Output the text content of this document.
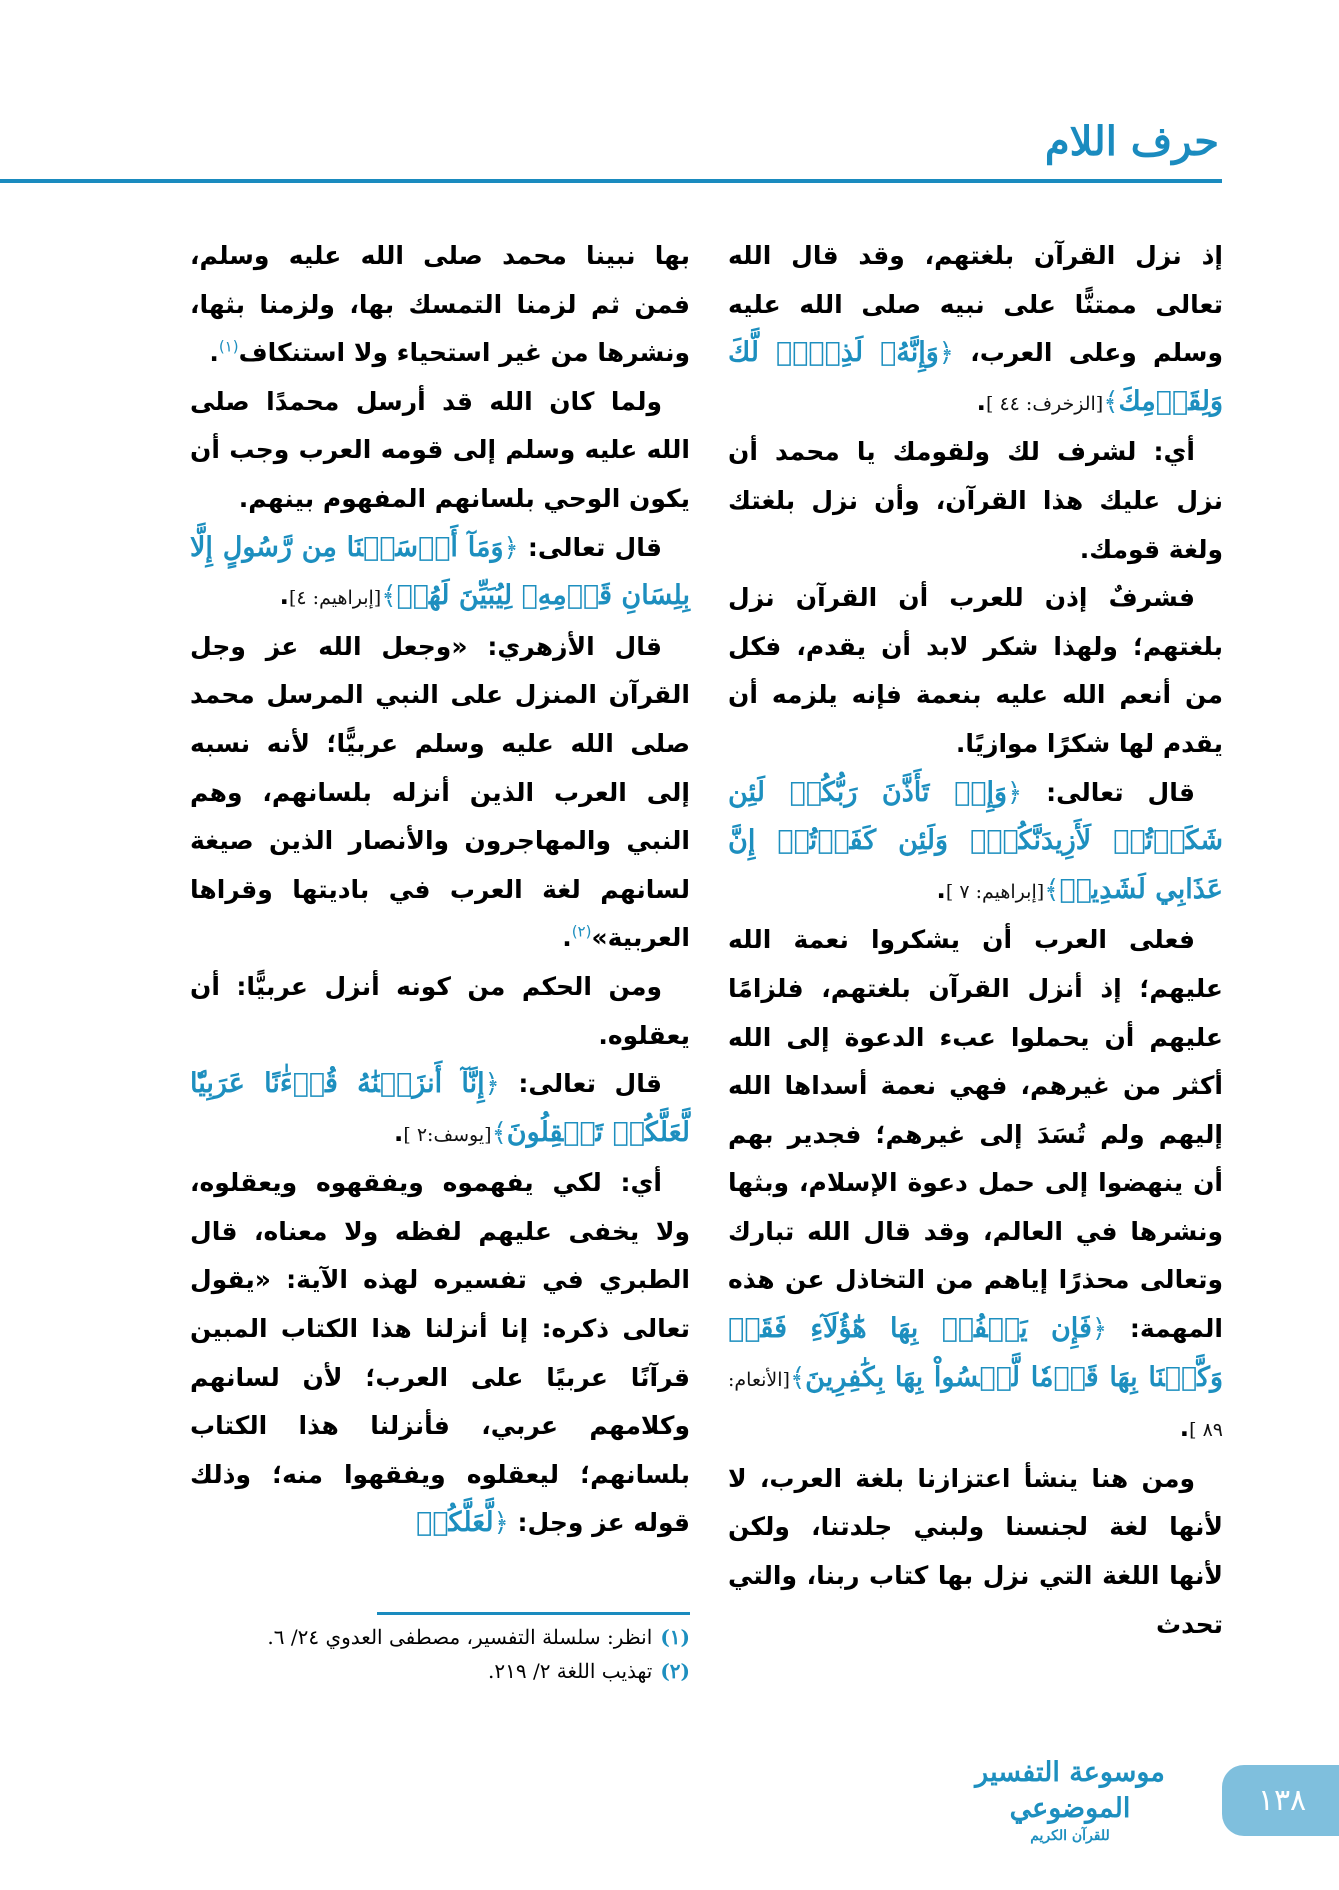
حرف اللام

إذ نزل القرآن بلغتهم، وقد قال الله تعالى ممتنًّا على نبيه صلى الله عليه وسلم وعلى العرب، ﴿وَإِنَّهُۥ لَذِكۡرٞ لَّكَ وَلِقَوۡمِكَ﴾[الزخرف: ٤٤ ].

أي: لشرف لك ولقومك يا محمد أن نزل عليك هذا القرآن، وأن نزل بلغتك ولغة قومك.

فشرفٌ إذن للعرب أن القرآن نزل بلغتهم؛ ولهذا شكر لابد أن يقدم، فكل من أنعم الله عليه بنعمة فإنه يلزمه أن يقدم لها شكرًا موازيًا.

قال تعالى: ﴿وَإِذۡ تَأَذَّنَ رَبُّكُمۡ لَئِن شَكَرۡتُمۡ لَأَزِيدَنَّكُمۡۖ وَلَئِن كَفَرۡتُمۡ إِنَّ عَذَابِي لَشَدِيدٞ﴾[إبراهيم: ٧ ].

فعلى العرب أن يشكروا نعمة الله عليهم؛ إذ أنزل القرآن بلغتهم، فلزامًا عليهم أن يحملوا عبء الدعوة إلى الله أكثر من غيرهم، فهي نعمة أسداها الله إليهم ولم تُسَدَ إلى غيرهم؛ فجدير بهم أن ينهضوا إلى حمل دعوة الإسلام، وبثها ونشرها في العالم، وقد قال الله تبارك وتعالى محذرًا إياهم من التخاذل عن هذه المهمة: ﴿فَإِن يَكۡفُرۡ بِهَا هَٰٓؤُلَآءِ فَقَدۡ وَكَّلۡنَا بِهَا قَوۡمٗا لَّيۡسُواْ بِهَا بِكَٰفِرِينَ﴾[الأنعام: ٨٩ ].

ومن هنا ينشأ اعتزازنا بلغة العرب، لا لأنها لغة لجنسنا ولبني جلدتنا، ولكن لأنها اللغة التي نزل بها كتاب ربنا، والتي تحدث

بها نبينا محمد صلى الله عليه وسلم، فمن ثم لزمنا التمسك بها، ولزمنا بثها، ونشرها من غير استحياء ولا استنكاف$^{(١)}$.

ولما كان الله قد أرسل محمدًا صلى الله عليه وسلم إلى قومه العرب وجب أن يكون الوحي بلسانهم المفهوم بينهم.

قال تعالى: ﴿وَمَآ أَرۡسَلۡنَا مِن رَّسُولٍ إِلَّا بِلِسَانِ قَوۡمِهِۦ لِيُبَيِّنَ لَهُمۡ﴾[إبراهيم: ٤].

قال الأزهري: «وجعل الله عز وجل القرآن المنزل على النبي المرسل محمد صلى الله عليه وسلم عربيًّا؛ لأنه نسبه إلى العرب الذين أنزله بلسانهم، وهم النبي والمهاجرون والأنصار الذين صيغة لسانهم لغة العرب في باديتها وقراها العربية»$^{(٢)}$.

ومن الحكم من كونه أنزل عربيًّا: أن يعقلوه.

قال تعالى: ﴿إِنَّآ أَنزَلۡنَٰهُ قُرۡءَٰنًا عَرَبِيّٗا لَّعَلَّكُمۡ تَعۡقِلُونَ﴾[يوسف:٢ ].

أي: لكي يفهموه ويفقهوه ويعقلوه، ولا يخفى عليهم لفظه ولا معناه، قال الطبري في تفسيره لهذه الآية: «يقول تعالى ذكره: إنا أنزلنا هذا الكتاب المبين قرآنًا عربيًا على العرب؛ لأن لسانهم وكلامهم عربي، فأنزلنا هذا الكتاب بلسانهم؛ ليعقلوه ويفقهوا منه؛ وذلك قوله عز وجل: ﴿لَّعَلَّكُمۡ

(١)انظر: سلسلة التفسير، مصطفى العدوي ٢٤/ ٦.

(٢)تهذيب اللغة ٢/ ٢١٩.

موسوعة التفسير الموضوعي
للقرآن الكريم
١٣٨
